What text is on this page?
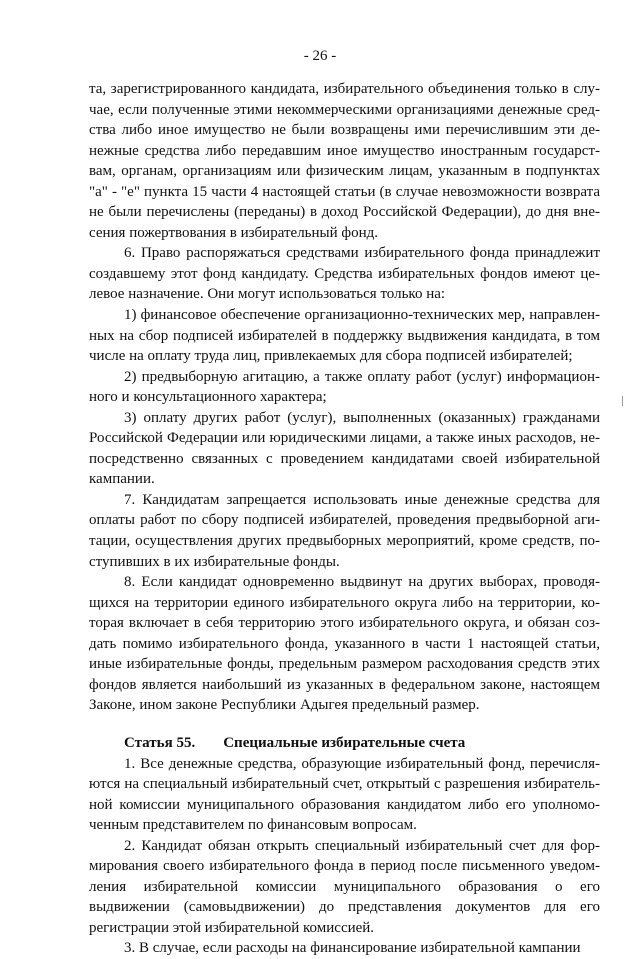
- 26 -

та, зарегистрированного кандидата, избирательного объединения только в случае, если полученные этими некоммерческими организациями денежные средства либо иное имущество не были возвращены ими перечислившим эти денежные средства либо передавшим иное имущество иностранным государствам, органам, организациям или физическим лицам, указанным в подпунктах "а" - "е" пункта 15 части 4 настоящей статьи (в случае невозможности возврата не были перечислены (переданы) в доход Российской Федерации), до дня внесения пожертвования в избирательный фонд.

6. Право распоряжаться средствами избирательного фонда принадлежит создавшему этот фонд кандидату. Средства избирательных фондов имеют целевое назначение. Они могут использоваться только на:

1) финансовое обеспечение организационно-технических мер, направленных на сбор подписей избирателей в поддержку выдвижения кандидата, в том числе на оплату труда лиц, привлекаемых для сбора подписей избирателей;

2) предвыборную агитацию, а также оплату работ (услуг) информационного и консультационного характера;

3) оплату других работ (услуг), выполненных (оказанных) гражданами Российской Федерации или юридическими лицами, а также иных расходов, непосредственно связанных с проведением кандидатами своей избирательной кампании.

7. Кандидатам запрещается использовать иные денежные средства для оплаты работ по сбору подписей избирателей, проведения предвыборной агитации, осуществления других предвыборных мероприятий, кроме средств, поступивших в их избирательные фонды.

8. Если кандидат одновременно выдвинут на других выборах, проводящихся на территории единого избирательного округа либо на территории, которая включает в себя территорию этого избирательного округа, и обязан создать помимо избирательного фонда, указанного в части 1 настоящей статьи, иные избирательные фонды, предельным размером расходования средств этих фондов является наибольший из указанных в федеральном законе, настоящем Законе, ином законе Республики Адыгея предельный размер.

Статья 55. Специальные избирательные счета

1. Все денежные средства, образующие избирательный фонд, перечисляются на специальный избирательный счет, открытый с разрешения избирательной комиссии муниципального образования кандидатом либо его уполномоченным представителем по финансовым вопросам.

2. Кандидат обязан открыть специальный избирательный счет для формирования своего избирательного фонда в период после письменного уведомления избирательной комиссии муниципального образования о его выдвижении (самовыдвижении) до представления документов для его регистрации этой избирательной комиссией.

3. В случае, если расходы на финансирование избирательной кампании
